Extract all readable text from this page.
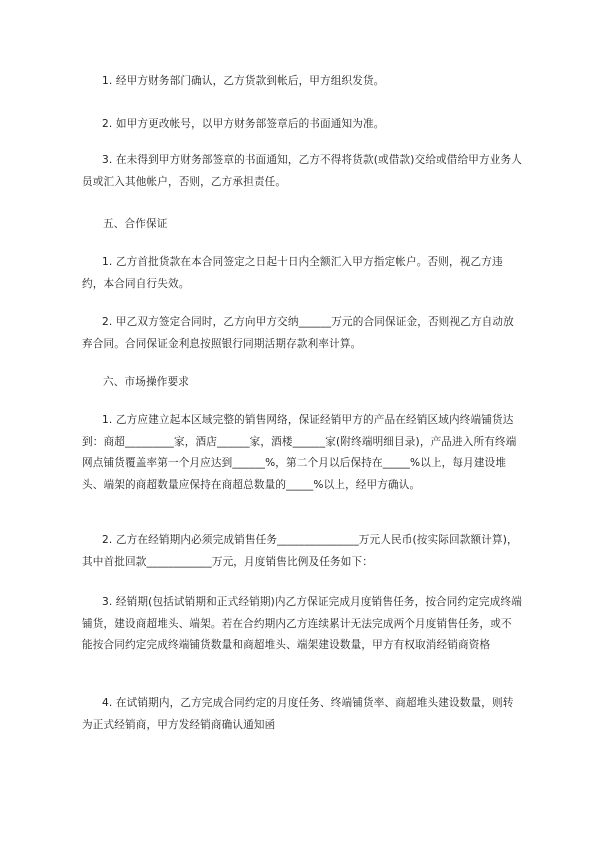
1. 经甲方财务部门确认，乙方货款到帐后，甲方组织发货。

2. 如甲方更改帐号，以甲方财务部签章后的书面通知为准。

3. 在未得到甲方财务部签章的书面通知，乙方不得将货款(或借款)交给或借给甲方业务人员或汇入其他帐户，否则，乙方承担责任。

五、合作保证

1. 乙方首批货款在本合同签定之日起十日内全额汇入甲方指定帐户。否则，视乙方违约，本合同自行失效。

2. 甲乙双方签定合同时，乙方向甲方交纳______万元的合同保证金，否则视乙方自动放弃合同。合同保证金利息按照银行同期活期存款利率计算。

六、市场操作要求

1. 乙方应建立起本区域完整的销售网络，保证经销甲方的产品在经销区域内终端铺货达到：商超_________家，酒店______家，酒楼______家(附终端明细目录)，产品进入所有终端网点铺货覆盖率第一个月应达到______%，第二个月以后保持在_____%以上，每月建设堆头、端架的商超数量应保持在商超总数量的_____%以上，经甲方确认。

2. 乙方在经销期内必须完成销售任务_______________万元人民币(按实际回款额计算)，其中首批回款____________万元，月度销售比例及任务如下：

3. 经销期(包括试销期和正式经销期)内乙方保证完成月度销售任务，按合同约定完成终端铺货，建设商超堆头、端架。若在合约期内乙方连续累计无法完成两个月度销售任务，或不能按合同约定完成终端铺货数量和商超堆头、端架建设数量，甲方有权取消经销商资格

4. 在试销期内，乙方完成合同约定的月度任务、终端铺货率、商超堆头建设数量，则转为正式经销商，甲方发经销商确认通知函
